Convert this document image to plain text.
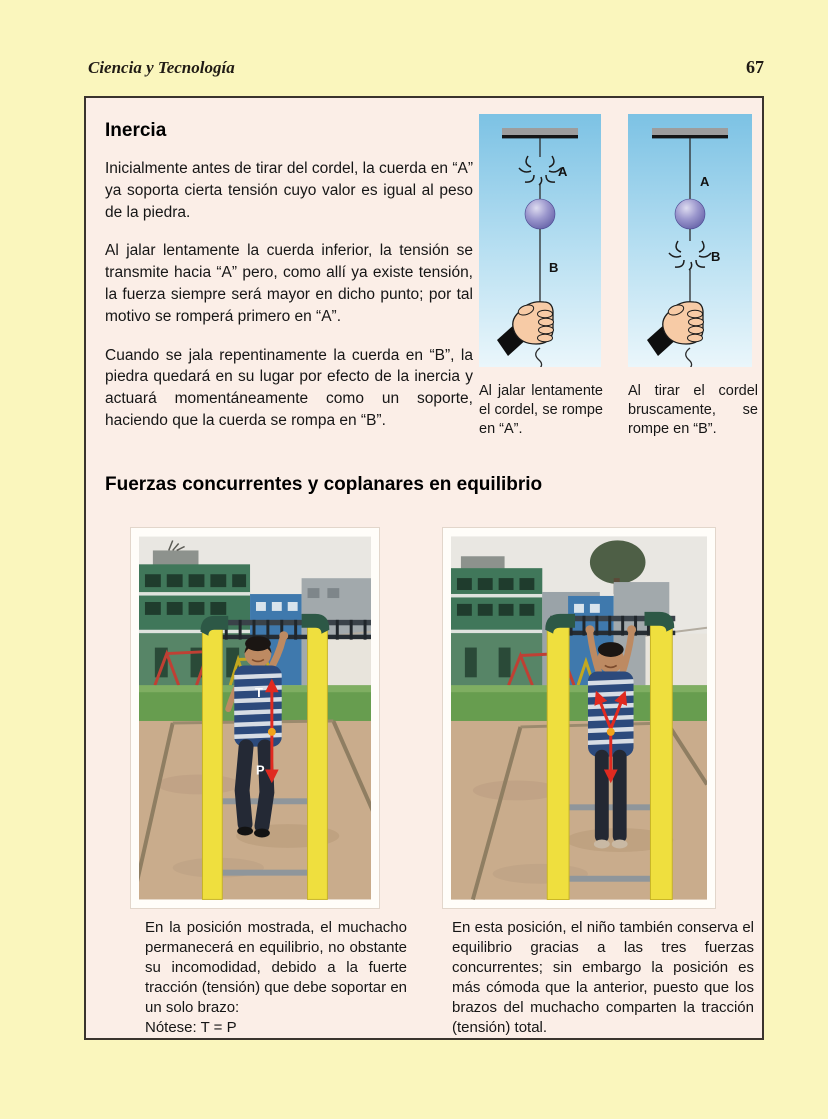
Ciencia y Tecnología	67
Inercia

Inicialmente antes de tirar del cordel, la cuerda en “A” ya soporta cierta tensión cuyo valor es igual al peso de la piedra.

Al jalar lentamente la cuerda inferior, la tensión se transmite hacia “A” pero, como allí ya existe tensión, la fuerza siempre será mayor en dicho punto; por tal motivo se romperá primero en “A”.

Cuando se jala repentinamente la cuerda en “B”, la piedra quedará en su lugar por efecto de la inercia y actuará momentáneamente como un soporte, haciendo que la cuerda se rompa en “B”.

A
B
A
B
Al jalar lentamente el cordel, se rompe en “A”.
Al tirar el cordel bruscamente, se rompe en “B”.
Fuerzas concurrentes y coplanares en equilibrio
T
P
En la posición mostrada, el muchacho permanecerá en equilibrio, no obstante su incomodidad, debido a la fuerte tracción (tensión) que debe soportar en un solo brazo:
Nótese: T = P
En esta posición, el niño también conserva el equilibrio gracias a las tres fuerzas concurrentes; sin embargo la posición es más cómoda que la anterior, puesto que los brazos del muchacho comparten la tracción (tensión) total.
